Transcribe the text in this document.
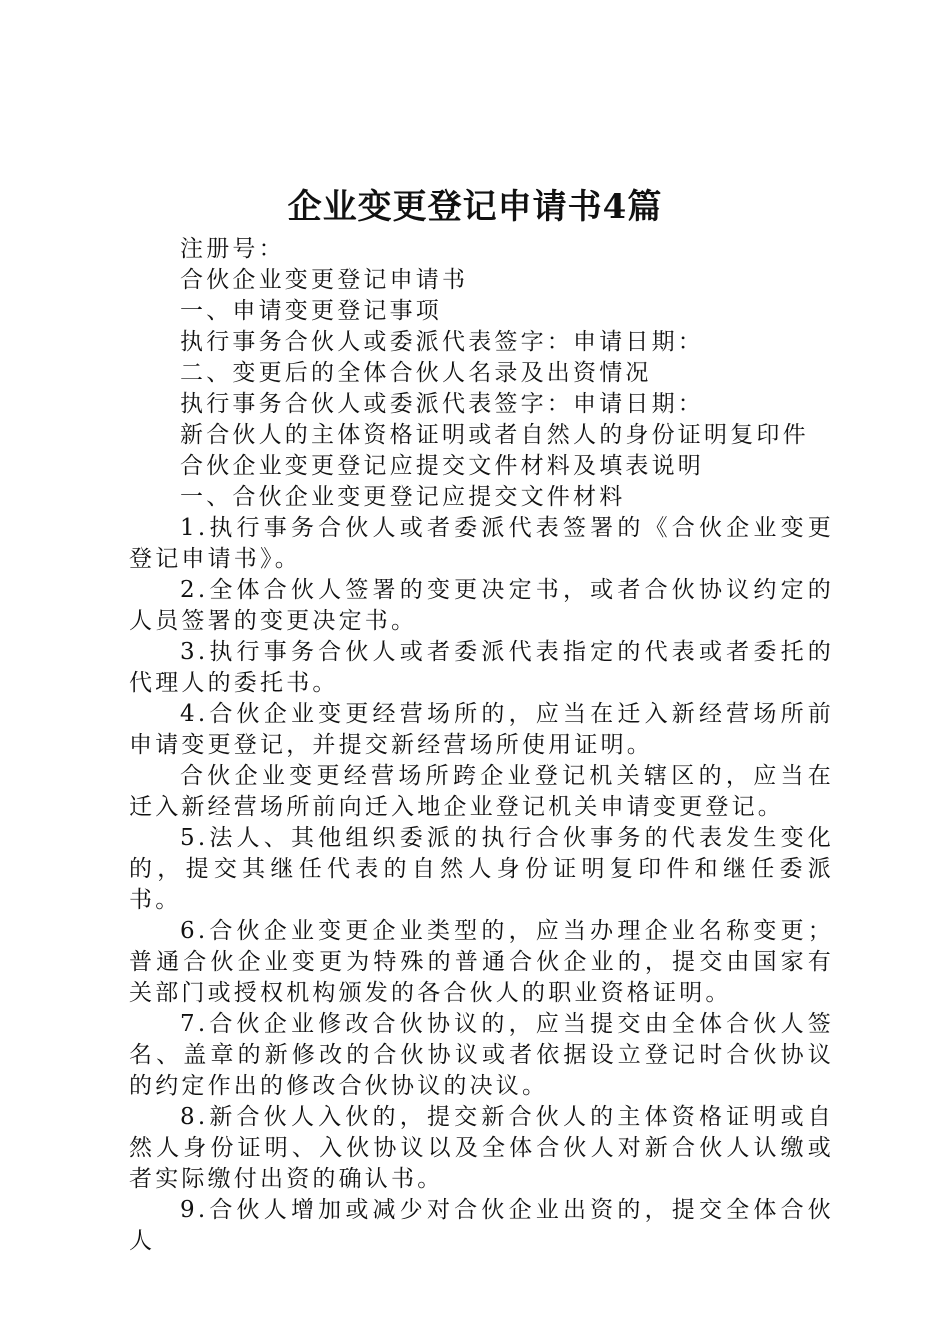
企业变更登记申请书4篇
注册号：
合伙企业变更登记申请书
一、申请变更登记事项
执行事务合伙人或委派代表签字：申请日期：
二、变更后的全体合伙人名录及出资情况
执行事务合伙人或委派代表签字：申请日期：
新合伙人的主体资格证明或者自然人的身份证明复印件
合伙企业变更登记应提交文件材料及填表说明
一、合伙企业变更登记应提交文件材料
1.执行事务合伙人或者委派代表签署的《合伙企业变更登记申请书》。
2.全体合伙人签署的变更决定书，或者合伙协议约定的人员签署的变更决定书。
3.执行事务合伙人或者委派代表指定的代表或者委托的代理人的委托书。
4.合伙企业变更经营场所的，应当在迁入新经营场所前申请变更登记，并提交新经营场所使用证明。
合伙企业变更经营场所跨企业登记机关辖区的，应当在迁入新经营场所前向迁入地企业登记机关申请变更登记。
5.法人、其他组织委派的执行合伙事务的代表发生变化的，提交其继任代表的自然人身份证明复印件和继任委派书。
6.合伙企业变更企业类型的，应当办理企业名称变更；普通合伙企业变更为特殊的普通合伙企业的，提交由国家有关部门或授权机构颁发的各合伙人的职业资格证明。
7.合伙企业修改合伙协议的，应当提交由全体合伙人签名、盖章的新修改的合伙协议或者依据设立登记时合伙协议的约定作出的修改合伙协议的决议。
8.新合伙人入伙的，提交新合伙人的主体资格证明或自然人身份证明、入伙协议以及全体合伙人对新合伙人认缴或者实际缴付出资的确认书。
9.合伙人增加或减少对合伙企业出资的，提交全体合伙人
